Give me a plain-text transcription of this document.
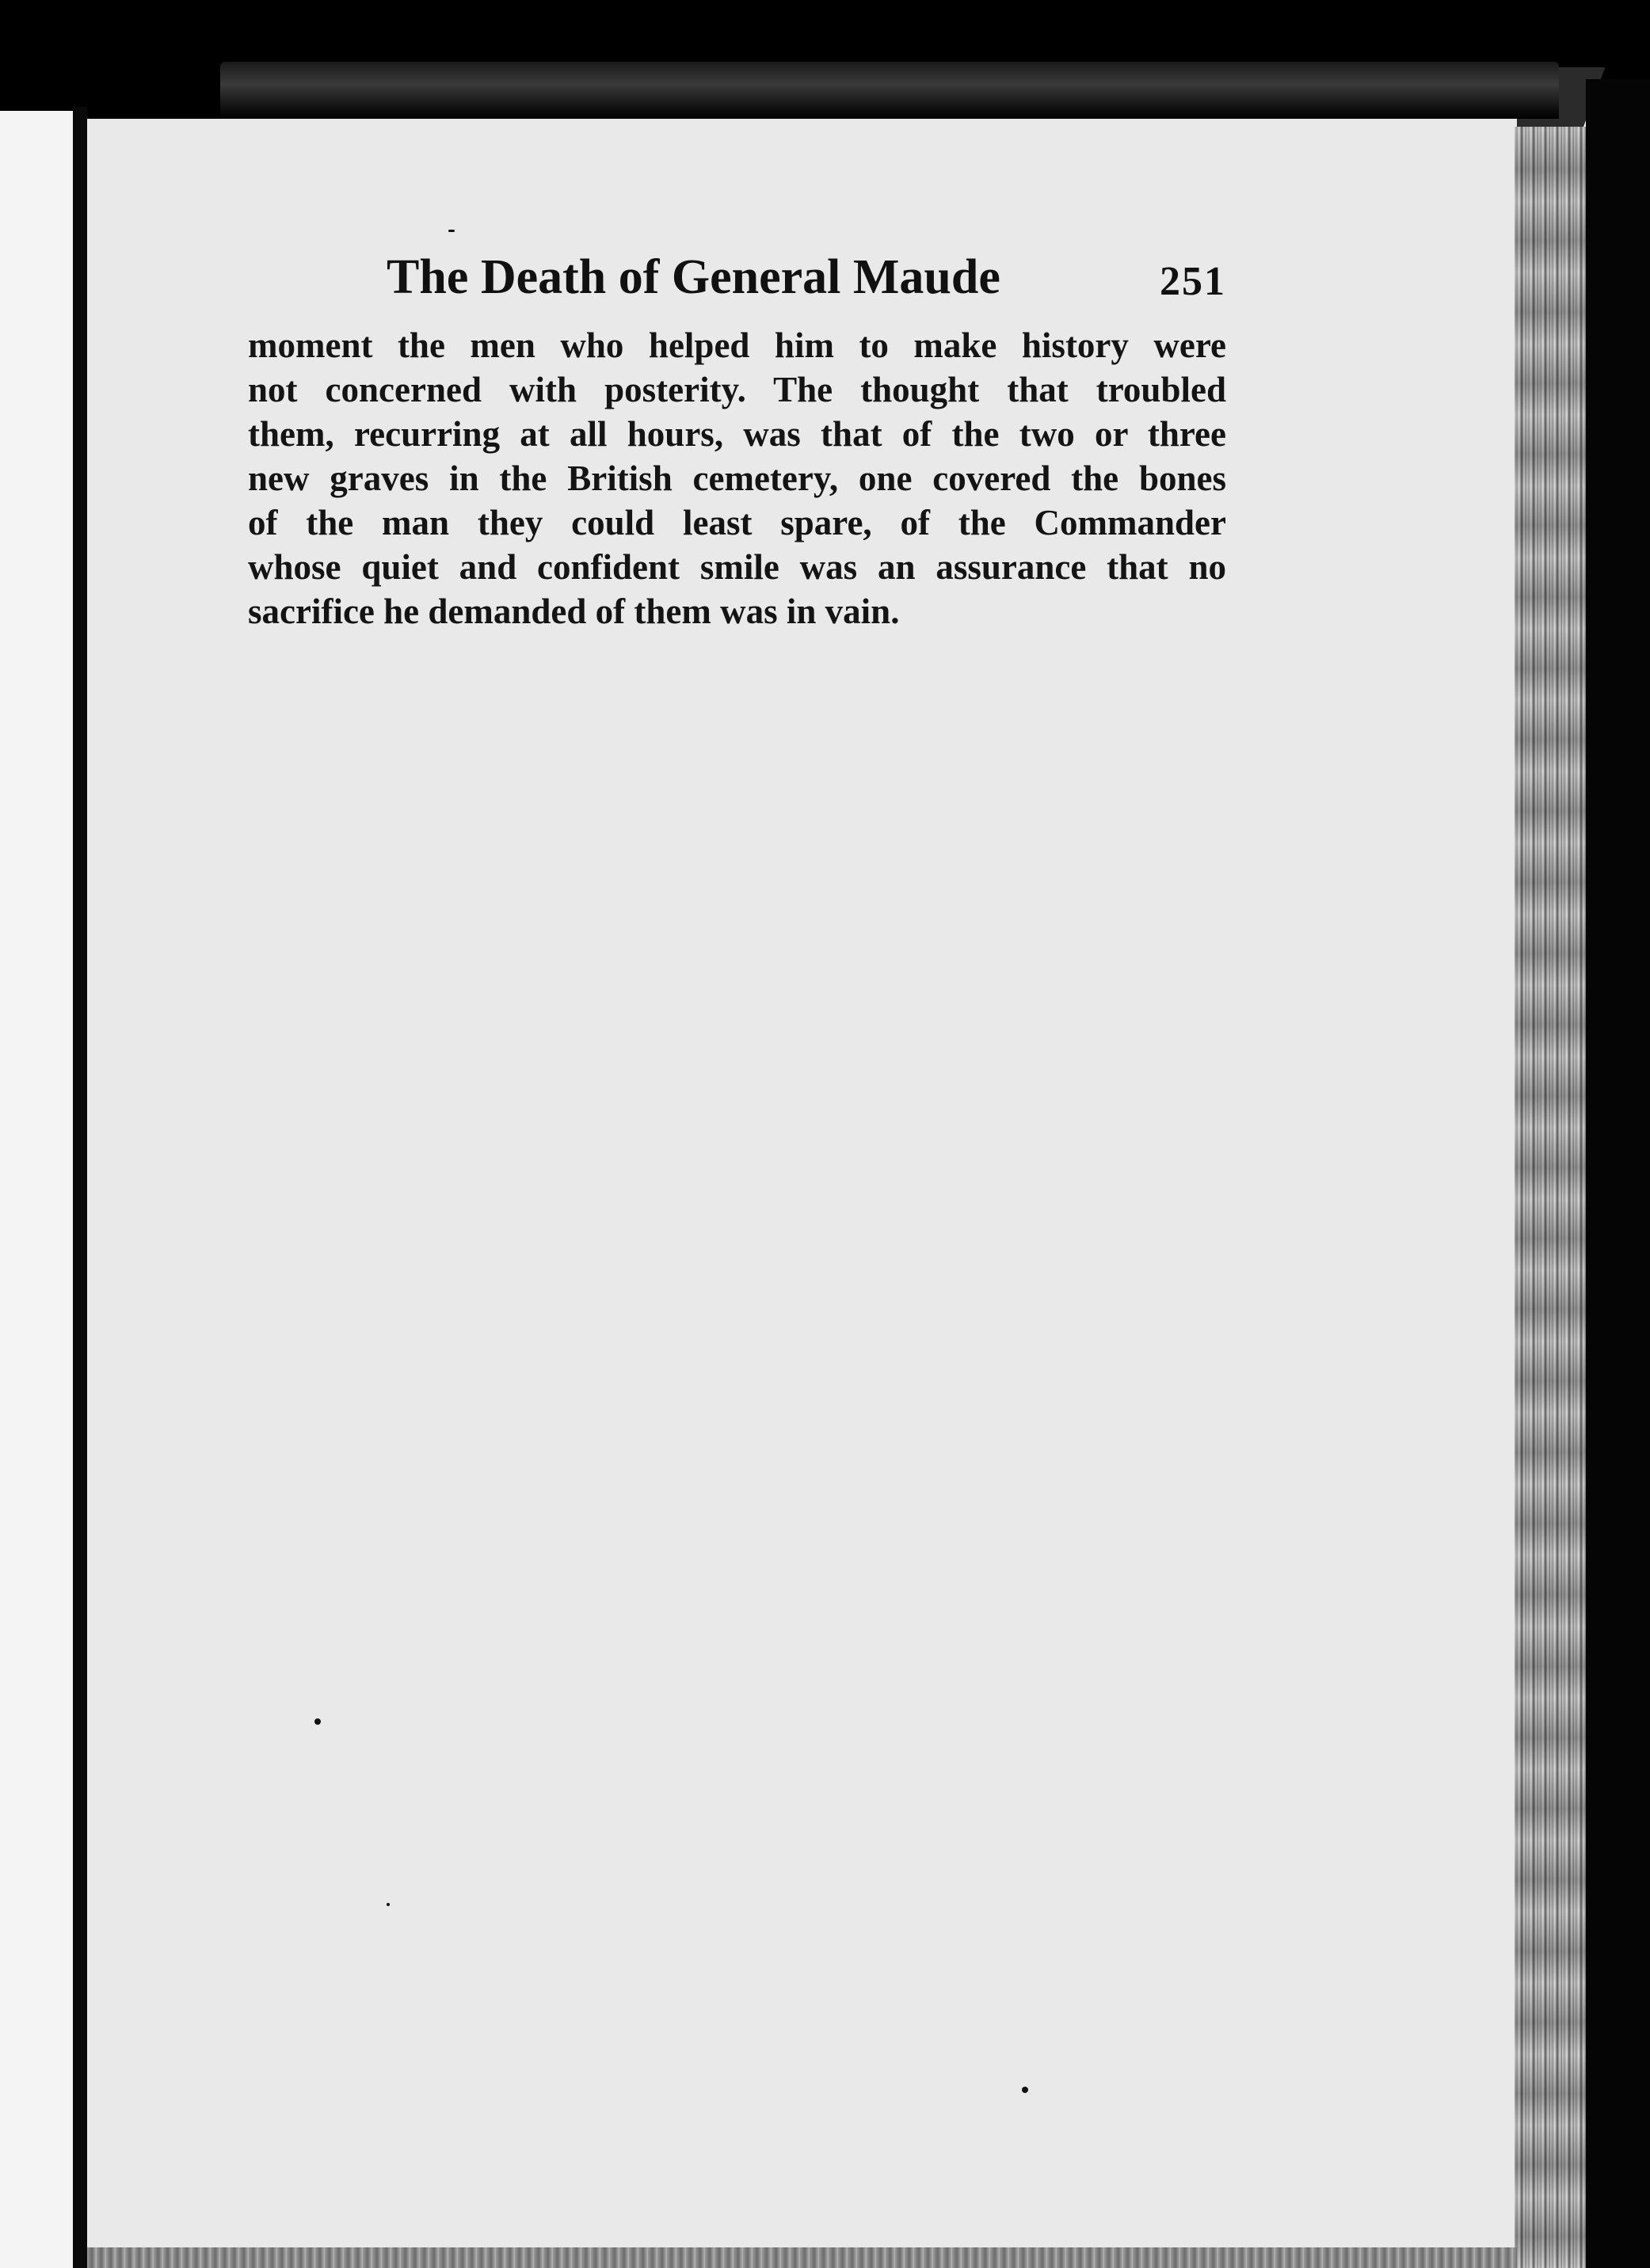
The Death of General Maude	251

moment the men who helped him to make history were
not concerned with posterity. The thought that troubled
them, recurring at all hours, was that of the two or three
new graves in the British cemetery, one covered the bones
of the man they could least spare, of the Commander
whose quiet and confident smile was an assurance that no
sacrifice he demanded of them was in vain.
